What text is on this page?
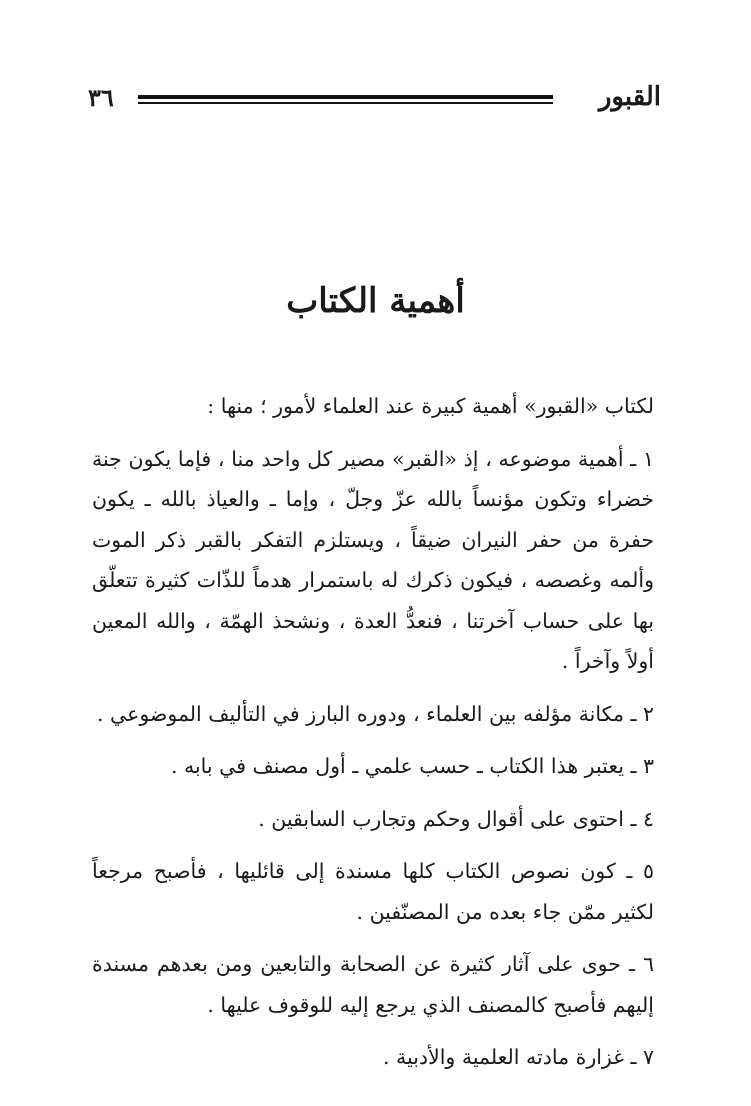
٣٦	القبور
أهمية الكتاب

لكتاب «القبور» أهمية كبيرة عند العلماء لأمور ؛ منها :

١ ـ أهمية موضوعه ، إذ «القبر» مصير كل واحد منا ، فإما يكون جنة خضراء وتكون مؤنساً بالله عزّ وجلّ ، وإما ـ والعياذ بالله ـ يكون حفرة من حفر النيران ضيقاً ، ويستلزم التفكر بالقبر ذكر الموت وألمه وغصصه ، فيكون ذكرك له باستمرار هدماً للذّات كثيرة تتعلّق بها على حساب آخرتنا ، فنعدُّ العدة ، ونشحذ الهمّة ، والله المعين أولاً وآخراً .

٢ ـ مكانة مؤلفه بين العلماء ، ودوره البارز في التأليف الموضوعي .

٣ ـ يعتبر هذا الكتاب ـ حسب علمي ـ أول مصنف في بابه .

٤ ـ احتوى على أقوال وحكم وتجارب السابقين .

٥ ـ كون نصوص الكتاب كلها مسندة إلى قائليها ، فأصبح مرجعاً لكثير ممّن جاء بعده من المصنّفين .

٦ ـ حوى على آثار كثيرة عن الصحابة والتابعين ومن بعدهم مسندة إليهم فأصبح كالمصنف الذي يرجع إليه للوقوف عليها .

٧ ـ غزارة مادته العلمية والأدبية .
